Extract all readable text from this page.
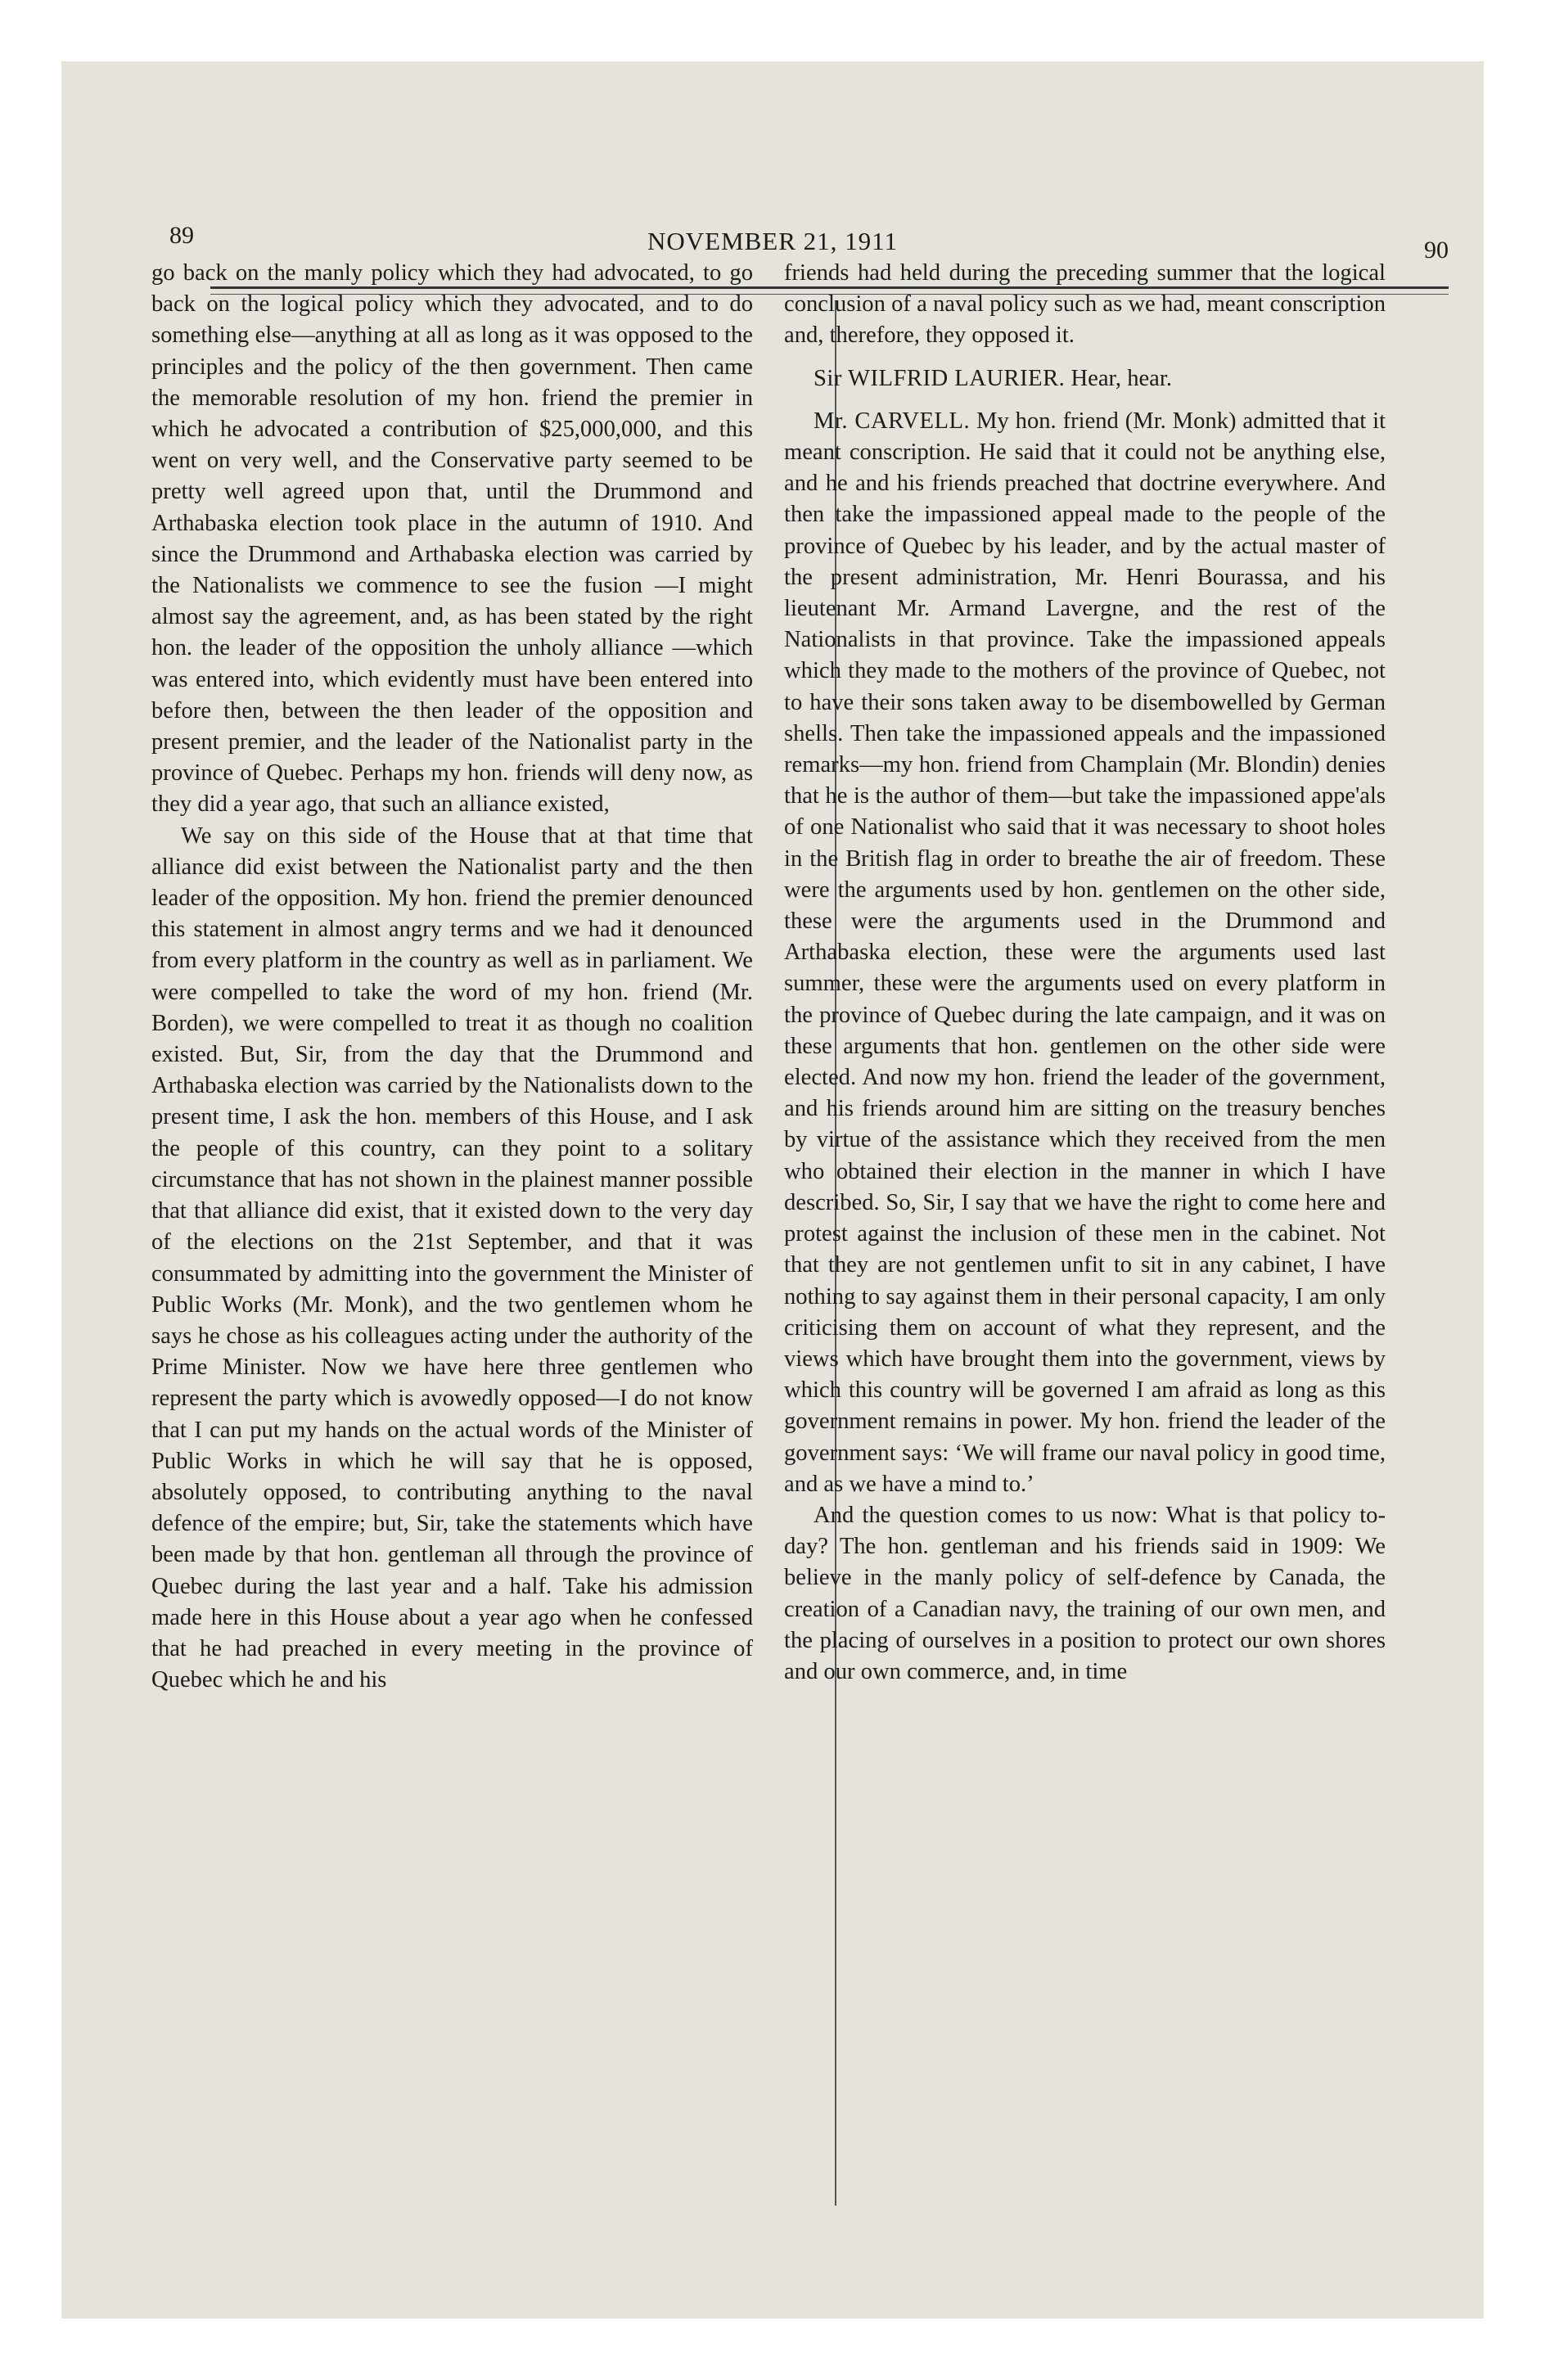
89	NOVEMBER 21, 1911	90

go back on the manly policy which they had advocated, to go back on the logical policy which they advocated, and to do something else—anything at all as long as it was opposed to the principles and the policy of the then government. Then came the memorable resolution of my hon. friend the premier in which he advocated a contribution of $25,000,000, and this went on very well, and the Conservative party seemed to be pretty well agreed upon that, until the Drummond and Arthabaska election took place in the autumn of 1910. And since the Drummond and Arthabaska election was carried by the Nationalists we commence to see the fusion —I might almost say the agreement, and, as has been stated by the right hon. the leader of the opposition the unholy alliance —which was entered into, which evidently must have been entered into before then, between the then leader of the opposition and present premier, and the leader of the Nationalist party in the province of Quebec. Perhaps my hon. friends will deny now, as they did a year ago, that such an alliance existed,

We say on this side of the House that at that time that alliance did exist between the Nationalist party and the then leader of the opposition. My hon. friend the premier denounced this statement in almost angry terms and we had it denounced from every platform in the country as well as in parliament. We were compelled to take the word of my hon. friend (Mr. Borden), we were compelled to treat it as though no coalition existed. But, Sir, from the day that the Drummond and Arthabaska election was carried by the Nationalists down to the present time, I ask the hon. members of this House, and I ask the people of this country, can they point to a solitary circumstance that has not shown in the plainest manner possible that that alliance did exist, that it existed down to the very day of the elections on the 21st September, and that it was consummated by admitting into the government the Minister of Public Works (Mr. Monk), and the two gentlemen whom he says he chose as his colleagues acting under the authority of the Prime Minister. Now we have here three gentlemen who represent the party which is avowedly opposed—I do not know that I can put my hands on the actual words of the Minister of Public Works in which he will say that he is opposed, absolutely opposed, to contributing anything to the naval defence of the empire; but, Sir, take the statements which have been made by that hon. gentleman all through the province of Quebec during the last year and a half. Take his admission made here in this House about a year ago when he confessed that he had preached in every meeting in the province of Quebec which he and his

friends had held during the preceding summer that the logical conclusion of a naval policy such as we had, meant conscription and, therefore, they opposed it.

Sir WILFRID LAURIER. Hear, hear.

Mr. CARVELL. My hon. friend (Mr. Monk) admitted that it meant conscription. He said that it could not be anything else, and he and his friends preached that doctrine everywhere. And then take the impassioned appeal made to the people of the province of Quebec by his leader, and by the actual master of the present administration, Mr. Henri Bourassa, and his lieutenant Mr. Armand Lavergne, and the rest of the Nationalists in that province. Take the impassioned appeals which they made to the mothers of the province of Quebec, not to have their sons taken away to be disembowelled by German shells. Then take the impassioned appeals and the impassioned remarks—my hon. friend from Champlain (Mr. Blondin) denies that he is the author of them—but take the impassioned appe'als of one Nationalist who said that it was necessary to shoot holes in the British flag in order to breathe the air of freedom. These were the arguments used by hon. gentlemen on the other side, these were the arguments used in the Drummond and Arthabaska election, these were the arguments used last summer, these were the arguments used on every platform in the province of Quebec during the late campaign, and it was on these arguments that hon. gentlemen on the other side were elected. And now my hon. friend the leader of the government, and his friends around him are sitting on the treasury benches by virtue of the assistance which they received from the men who obtained their election in the manner in which I have described. So, Sir, I say that we have the right to come here and protest against the inclusion of these men in the cabinet. Not that they are not gentlemen unfit to sit in any cabinet, I have nothing to say against them in their personal capacity, I am only criticising them on account of what they represent, and the views which have brought them into the government, views by which this country will be governed I am afraid as long as this government remains in power. My hon. friend the leader of the government says: ‘We will frame our naval policy in good time, and as we have a mind to.’

And the question comes to us now: What is that policy to-day? The hon. gentleman and his friends said in 1909: We believe in the manly policy of self-defence by Canada, the creation of a Canadian navy, the training of our own men, and the placing of ourselves in a position to protect our own shores and our own commerce, and, in time
